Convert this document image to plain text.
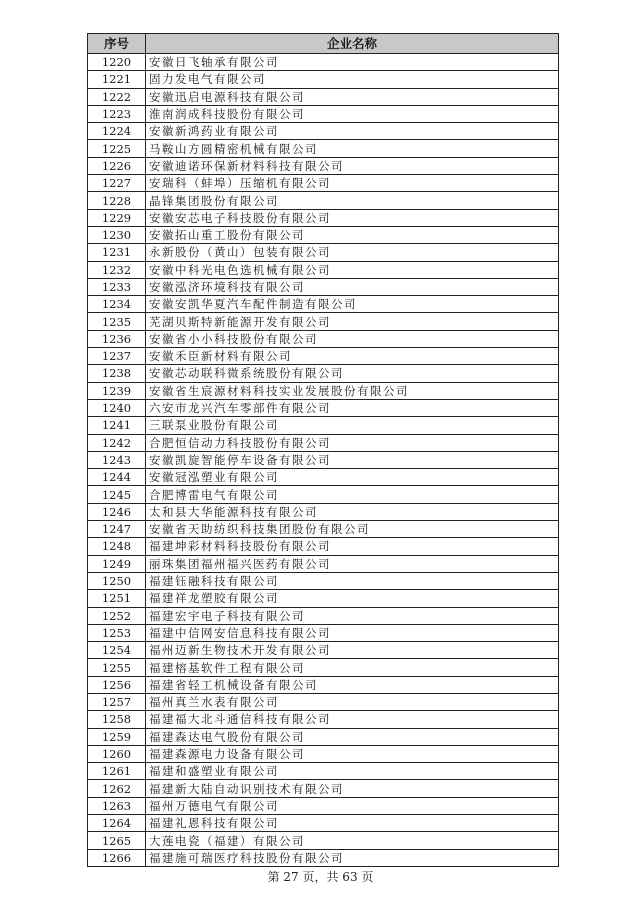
序号	企业名称
1220	安徽日飞轴承有限公司
1221	固力发电气有限公司
1222	安徽迅启电源科技有限公司
1223	淮南润成科技股份有限公司
1224	安徽新鸿药业有限公司
1225	马鞍山方圆精密机械有限公司
1226	安徽迪诺环保新材料科技有限公司
1227	安瑞科（蚌埠）压缩机有限公司
1228	晶锋集团股份有限公司
1229	安徽安芯电子科技股份有限公司
1230	安徽拓山重工股份有限公司
1231	永新股份（黄山）包装有限公司
1232	安徽中科光电色选机械有限公司
1233	安徽泓济环境科技有限公司
1234	安徽安凯华夏汽车配件制造有限公司
1235	芜湖贝斯特新能源开发有限公司
1236	安徽省小小科技股份有限公司
1237	安徽禾臣新材料有限公司
1238	安徽芯动联科微系统股份有限公司
1239	安徽省生宸源材料科技实业发展股份有限公司
1240	六安市龙兴汽车零部件有限公司
1241	三联泵业股份有限公司
1242	合肥恒信动力科技股份有限公司
1243	安徽凯旋智能停车设备有限公司
1244	安徽冠泓塑业有限公司
1245	合肥博雷电气有限公司
1246	太和县大华能源科技有限公司
1247	安徽省天助纺织科技集团股份有限公司
1248	福建坤彩材料科技股份有限公司
1249	丽珠集团福州福兴医药有限公司
1250	福建钰融科技有限公司
1251	福建祥龙塑胶有限公司
1252	福建宏宇电子科技有限公司
1253	福建中信网安信息科技有限公司
1254	福州迈新生物技术开发有限公司
1255	福建榕基软件工程有限公司
1256	福建省轻工机械设备有限公司
1257	福州真兰水表有限公司
1258	福建福大北斗通信科技有限公司
1259	福建森达电气股份有限公司
1260	福建森源电力设备有限公司
1261	福建和盛塑业有限公司
1262	福建新大陆自动识别技术有限公司
1263	福州万德电气有限公司
1264	福建礼恩科技有限公司
1265	大莲电瓷（福建）有限公司
1266	福建施可瑞医疗科技股份有限公司
第 27 页，共 63 页
